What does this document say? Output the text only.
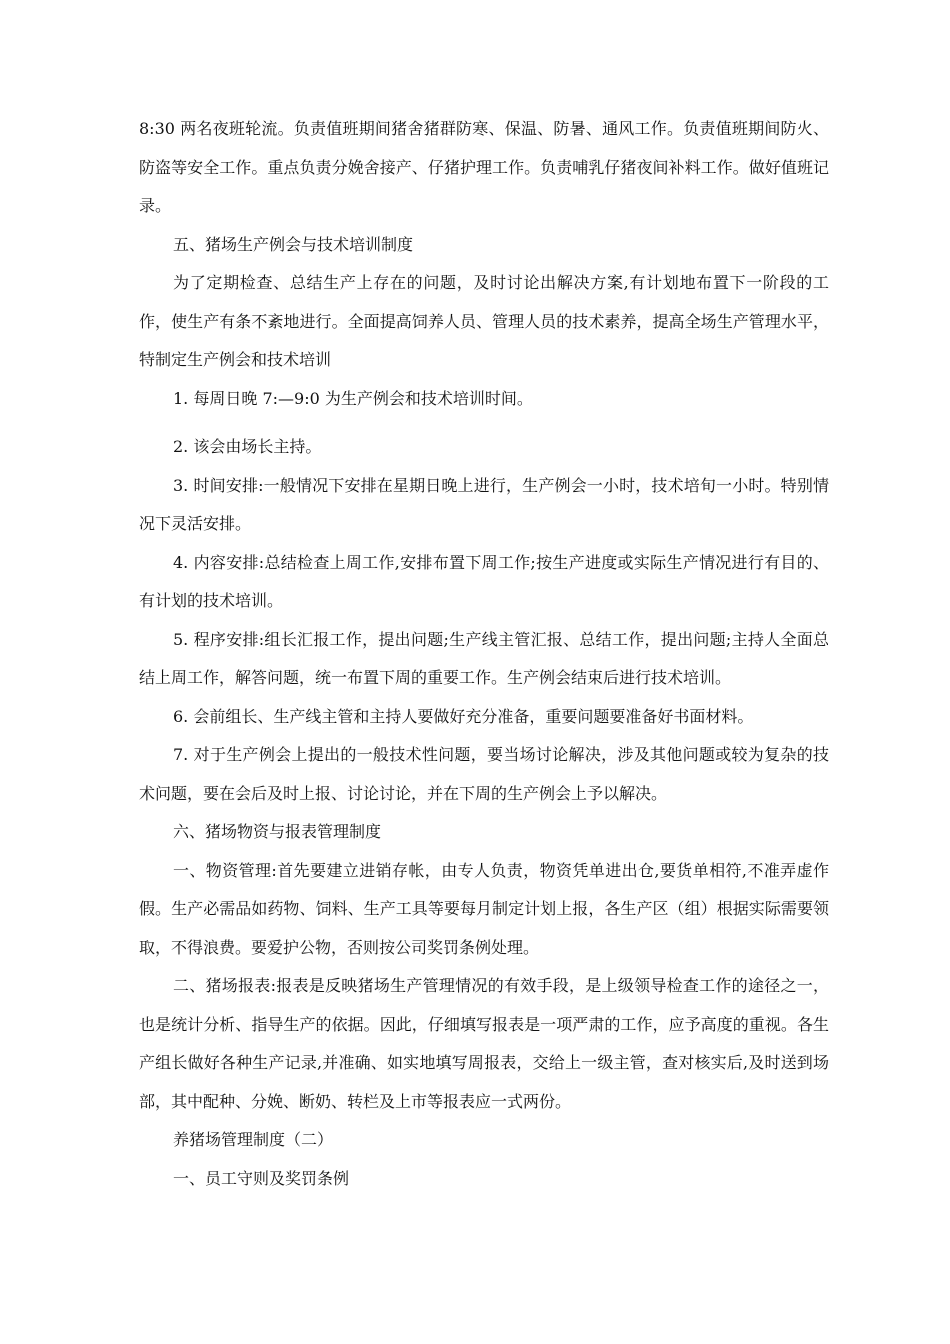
8:30 两名夜班轮流。负责值班期间猪舍猪群防寒、保温、防暑、通风工作。负责值班期间防火、防盗等安全工作。重点负责分娩舍接产、仔猪护理工作。负责哺乳仔猪夜间补料工作。做好值班记录。

五、猪场生产例会与技术培训制度

为了定期检查、总结生产上存在的问题，及时讨论出解决方案,有计划地布置下一阶段的工作，使生产有条不紊地进行。全面提高饲养人员、管理人员的技术素养，提高全场生产管理水平，特制定生产例会和技术培训

1. 每周日晚 7:—9:0 为生产例会和技术培训时间。

2. 该会由场长主持。

3. 时间安排:一般情况下安排在星期日晚上进行，生产例会一小时，技术培旬一小时。特别情况下灵活安排。

4. 内容安排:总结检查上周工作,安排布置下周工作;按生产进度或实际生产情况进行有目的、有计划的技术培训。

5. 程序安排:组长汇报工作，提出问题;生产线主管汇报、总结工作，提出问题;主持人全面总结上周工作，解答问题，统一布置下周的重要工作。生产例会结束后进行技术培训。

6. 会前组长、生产线主管和主持人要做好充分准备，重要问题要准备好书面材料。

7. 对于生产例会上提出的一般技术性问题，要当场讨论解决，涉及其他问题或较为复杂的技术问题，要在会后及时上报、讨论讨论，并在下周的生产例会上予以解决。

六、猪场物资与报表管理制度

一、物资管理:首先要建立进销存帐，由专人负责，物资凭单进出仓,要货单相符,不准弄虚作假。生产必需品如药物、饲料、生产工具等要每月制定计划上报，各生产区（组）根据实际需要领取，不得浪费。要爱护公物，否则按公司奖罚条例处理。

二、猪场报表:报表是反映猪场生产管理情况的有效手段，是上级领导检查工作的途径之一，也是统计分析、指导生产的依据。因此，仔细填写报表是一项严肃的工作，应予高度的重视。各生产组长做好各种生产记录,并准确、如实地填写周报表，交给上一级主管，查对核实后,及时送到场部，其中配种、分娩、断奶、转栏及上市等报表应一式两份。

养猪场管理制度（二）

一、员工守则及奖罚条例
